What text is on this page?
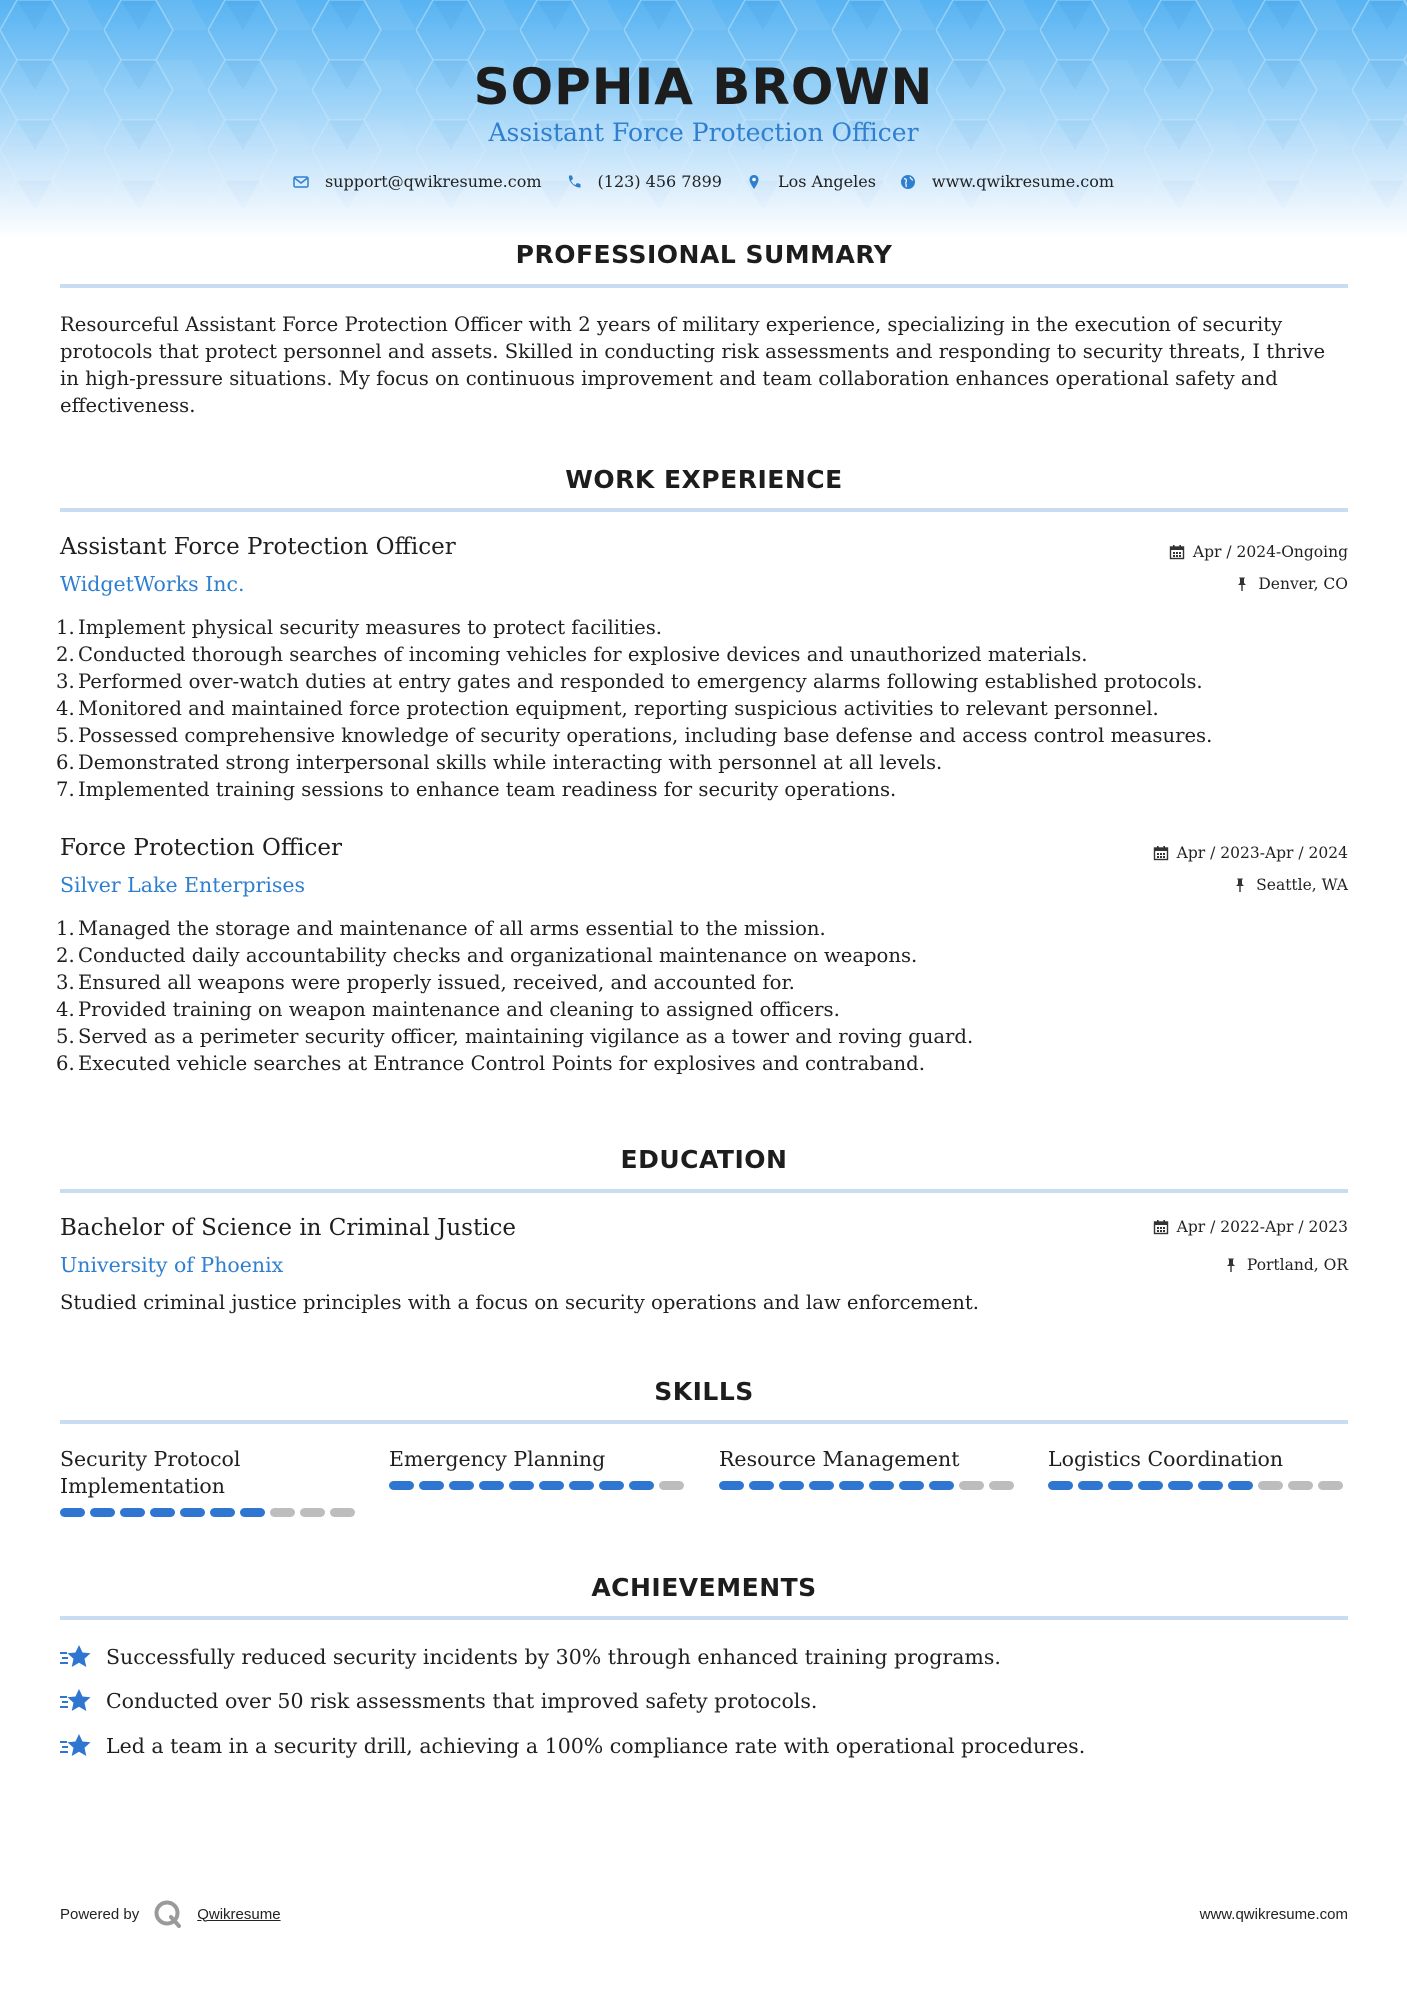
SOPHIA BROWN
Assistant Force Protection Officer
support@qwikresume.com	(123) 456 7899	Los Angeles	www.qwikresume.com
PROFESSIONAL SUMMARY
Resourceful Assistant Force Protection Officer with 2 years of military experience, specializing in the execution of security
protocols that protect personnel and assets. Skilled in conducting risk assessments and responding to security threats, I thrive
in high-pressure situations. My focus on continuous improvement and team collaboration enhances operational safety and
effectiveness.
WORK EXPERIENCE
Assistant Force Protection Officer	Apr / 2024-Ongoing
WidgetWorks Inc.	Denver, CO
1. Implement physical security measures to protect facilities.
2. Conducted thorough searches of incoming vehicles for explosive devices and unauthorized materials.
3. Performed over-watch duties at entry gates and responded to emergency alarms following established protocols.
4. Monitored and maintained force protection equipment, reporting suspicious activities to relevant personnel.
5. Possessed comprehensive knowledge of security operations, including base defense and access control measures.
6. Demonstrated strong interpersonal skills while interacting with personnel at all levels.
7. Implemented training sessions to enhance team readiness for security operations.
Force Protection Officer	Apr / 2023-Apr / 2024
Silver Lake Enterprises	Seattle, WA
1. Managed the storage and maintenance of all arms essential to the mission.
2. Conducted daily accountability checks and organizational maintenance on weapons.
3. Ensured all weapons were properly issued, received, and accounted for.
4. Provided training on weapon maintenance and cleaning to assigned officers.
5. Served as a perimeter security officer, maintaining vigilance as a tower and roving guard.
6. Executed vehicle searches at Entrance Control Points for explosives and contraband.
EDUCATION
Bachelor of Science in Criminal Justice	Apr / 2022-Apr / 2023
University of Phoenix	Portland, OR
Studied criminal justice principles with a focus on security operations and law enforcement.
SKILLS
Security Protocol
Implementation
Emergency Planning	Resource Management	Logistics Coordination
ACHIEVEMENTS
Successfully reduced security incidents by 30% through enhanced training programs.
Conducted over 50 risk assessments that improved safety protocols.
Led a team in a security drill, achieving a 100% compliance rate with operational procedures.
Powered by	Qwikresume	www.qwikresume.com
